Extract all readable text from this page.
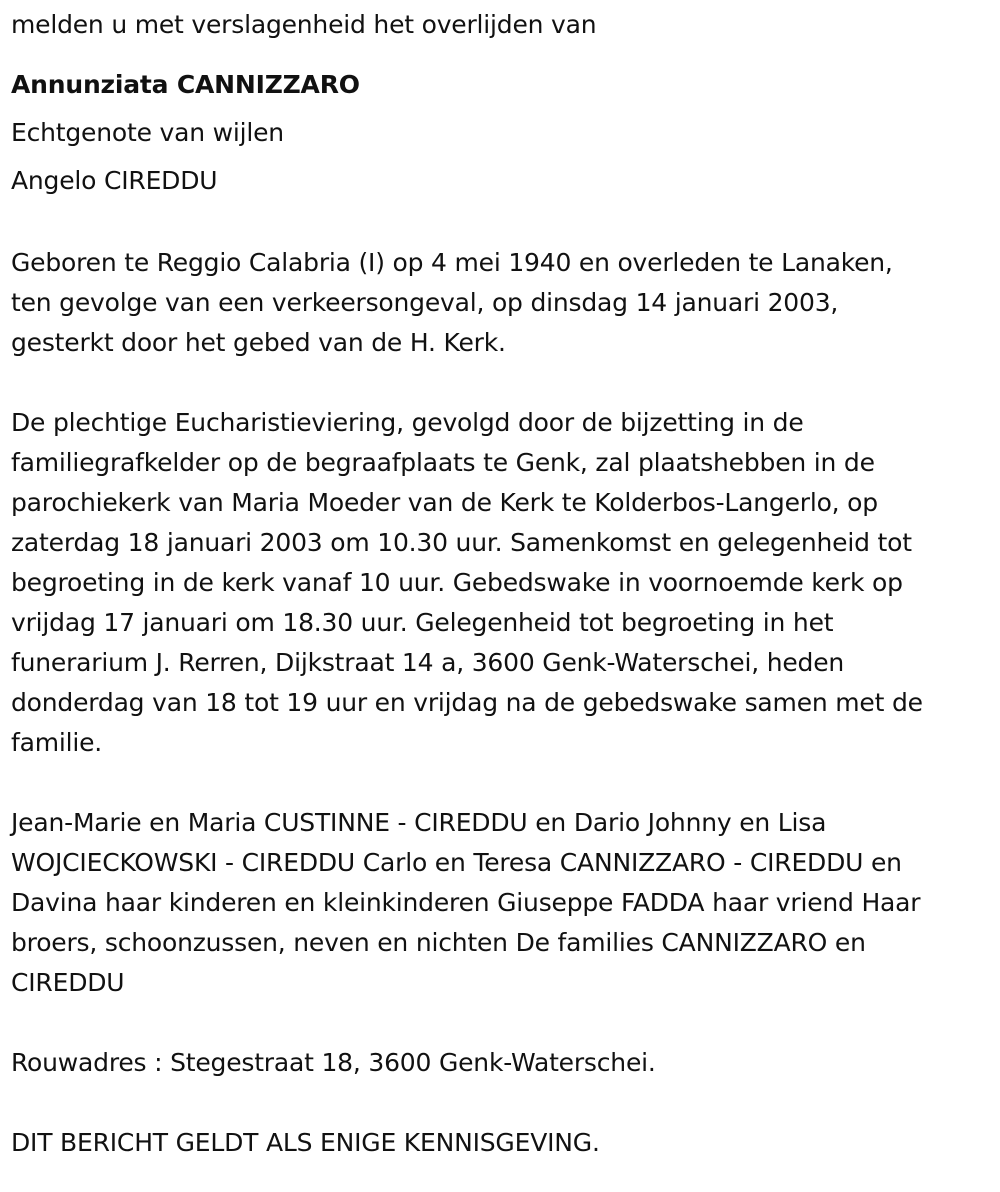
melden u met verslagenheid het overlijden van
Annunziata CANNIZZARO
Echtgenote van wijlen
Angelo CIREDDU
Geboren te Reggio Calabria (I) op 4 mei 1940 en overleden te Lanaken,
ten gevolge van een verkeersongeval, op dinsdag 14 januari 2003,
gesterkt door het gebed van de H. Kerk.
De plechtige Eucharistieviering, gevolgd door de bijzetting in de
familiegrafkelder op de begraafplaats te Genk, zal plaatshebben in de
parochiekerk van Maria Moeder van de Kerk te Kolderbos-Langerlo, op
zaterdag 18 januari 2003 om 10.30 uur. Samenkomst en gelegenheid tot
begroeting in de kerk vanaf 10 uur. Gebedswake in voornoemde kerk op
vrijdag 17 januari om 18.30 uur. Gelegenheid tot begroeting in het
funerarium J. Rerren, Dijkstraat 14 a, 3600 Genk-Waterschei, heden
donderdag van 18 tot 19 uur en vrijdag na de gebedswake samen met de
familie.
Jean-Marie en Maria CUSTINNE - CIREDDU en Dario Johnny en Lisa
WOJCIECKOWSKI - CIREDDU Carlo en Teresa CANNIZZARO - CIREDDU en
Davina haar kinderen en kleinkinderen Giuseppe FADDA haar vriend Haar
broers, schoonzussen, neven en nichten De families CANNIZZARO en
CIREDDU
Rouwadres : Stegestraat 18, 3600 Genk-Waterschei.
DIT BERICHT GELDT ALS ENIGE KENNISGEVING.
